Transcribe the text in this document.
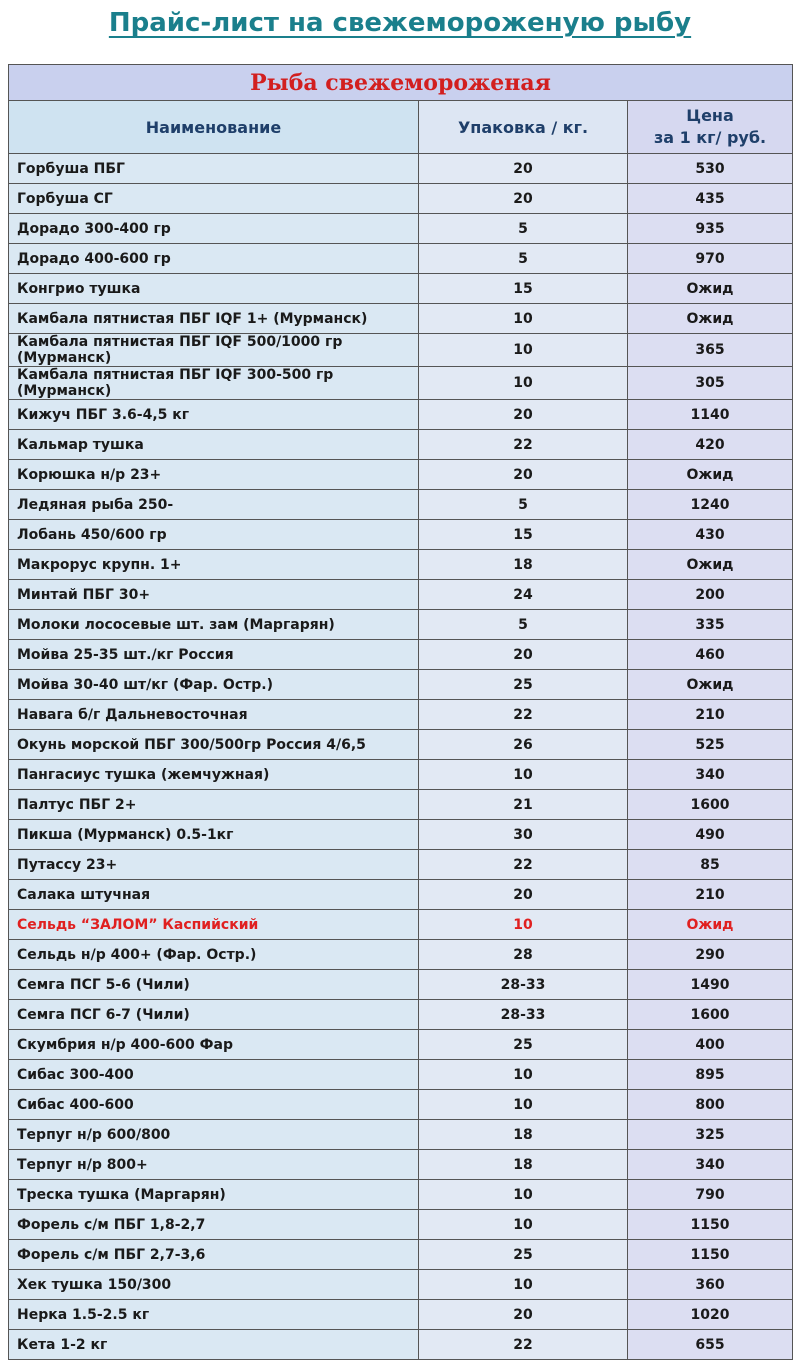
Прайс-лист на свежемороженую рыбу
Рыба свежемороженая		
Наименование	Упаковка / кг.	Цена
за 1 кг/ руб.

Горбуша ПБГ	20	530
Горбуша СГ	20	435
Дорадо 300-400 гр	5	935
Дорадо 400-600 гр	5	970
Конгрио тушка	15	Ожид
Камбала пятнистая ПБГ IQF 1+ (Мурманск)	10	Ожид
Камбала пятнистая ПБГ IQF 500/1000 гр (Мурманск)	10	365
Камбала пятнистая ПБГ IQF 300-500 гр (Мурманск)	10	305
Кижуч ПБГ 3.6-4,5 кг	20	1140
Кальмар тушка	22	420
Корюшка н/р 23+	20	Ожид
Ледяная рыба 250-	5	1240
Лобань 450/600 гр	15	430
Макрорус крупн. 1+	18	Ожид
Минтай ПБГ 30+	24	200
Молоки лососевые шт. зам (Маргарян)	5	335
Мойва 25-35 шт./кг Россия	20	460
Мойва 30-40 шт/кг (Фар. Остр.)	25	Ожид
Навага б/г Дальневосточная	22	210
Окунь морской ПБГ 300/500гр Россия 4/6,5	26	525
Пангасиус тушка (жемчужная)	10	340
Палтус ПБГ 2+	21	1600
Пикша (Мурманск) 0.5-1кг	30	490
Путассу 23+	22	85
Салака штучная	20	210
Сельдь “ЗАЛОМ” Каспийский	10	Ожид
Сельдь н/р 400+ (Фар. Остр.)	28	290
Семга ПСГ 5-6 (Чили)	28-33	1490
Семга ПСГ 6-7 (Чили)	28-33	1600
Скумбрия н/р 400-600 Фар	25	400
Сибас 300-400	10	895
Сибас 400-600	10	800
Терпуг н/р 600/800	18	325
Терпуг н/р 800+	18	340
Треска тушка (Маргарян)	10	790
Форель с/м ПБГ 1,8-2,7	10	1150
Форель с/м ПБГ 2,7-3,6	25	1150
Хек тушка 150/300	10	360
Нерка 1.5-2.5 кг	20	1020
Кета 1-2 кг	22	655
